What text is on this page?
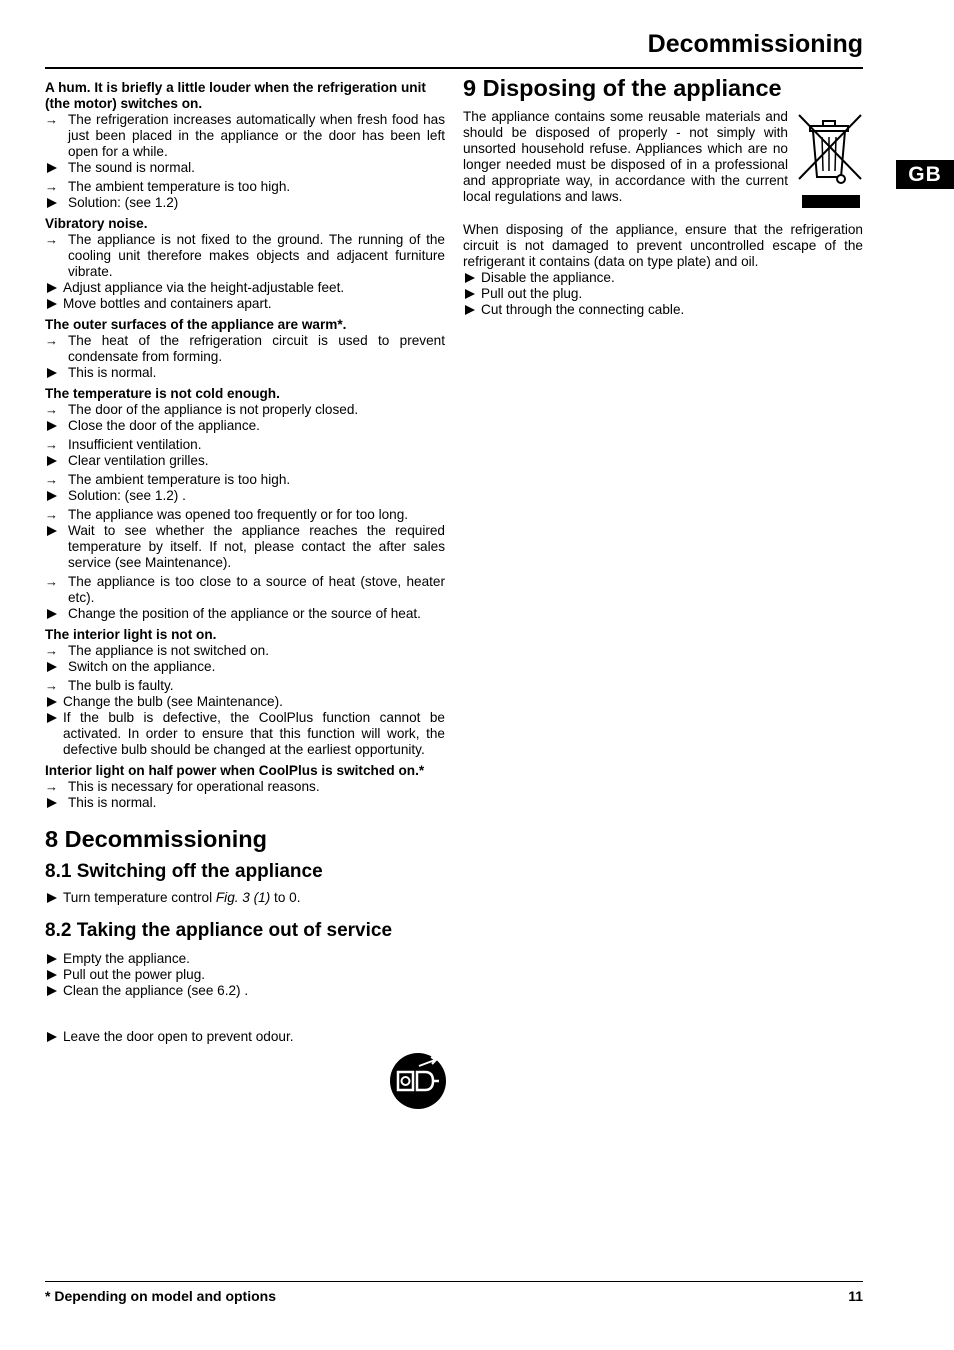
Decommissioning
GB
A hum. It is briefly a little louder when the refrigeration unit (the motor) switches on.
→ The refrigeration increases automatically when fresh food has just been placed in the appliance or the door has been left open for a while.
The sound is normal.
→ The ambient temperature is too high.
Solution: (see 1.2)
Vibratory noise.
→ The appliance is not fixed to the ground. The running of the cooling unit therefore makes objects and adjacent furniture vibrate.
Adjust appliance via the height-adjustable feet.
Move bottles and containers apart.
The outer surfaces of the appliance are warm*.
→ The heat of the refrigeration circuit is used to prevent condensate from forming.
This is normal.
The temperature is not cold enough.
→ The door of the appliance is not properly closed.
Close the door of the appliance.
→ Insufficient ventilation.
Clear ventilation grilles.
→ The ambient temperature is too high.
Solution: (see 1.2) .
→ The appliance was opened too frequently or for too long.
Wait to see whether the appliance reaches the required temperature by itself. If not, please contact the after sales service (see Maintenance).
→ The appliance is too close to a source of heat (stove, heater etc).
Change the position of the appliance or the source of heat.
The interior light is not on.
→ The appliance is not switched on.
Switch on the appliance.
→ The bulb is faulty.
Change the bulb (see Maintenance).
If the bulb is defective, the CoolPlus function cannot be activated. In order to ensure that this function will work, the defective bulb should be changed at the earliest opportunity.
Interior light on half power when CoolPlus is switched on.*
→ This is necessary for operational reasons.
This is normal.
8 Decommissioning
8.1 Switching off the appliance
Turn temperature control Fig. 3 (1) to 0.
8.2 Taking the appliance out of service
Empty the appliance.
Pull out the power plug.
Clean the appliance (see 6.2) .
Leave the door open to prevent odour.
9 Disposing of the appliance

The appliance contains some reusable materials and should be disposed of properly - not simply with unsorted household refuse. Appliances which are no longer needed must be disposed of in a professional and appropriate way, in accordance with the current local regulations and laws.

When disposing of the appliance, ensure that the refrigeration circuit is not damaged to prevent uncontrolled escape of the refrigerant it contains (data on type plate) and oil.

Disable the appliance.
Pull out the plug.
Cut through the connecting cable.
* Depending on model and options	11
